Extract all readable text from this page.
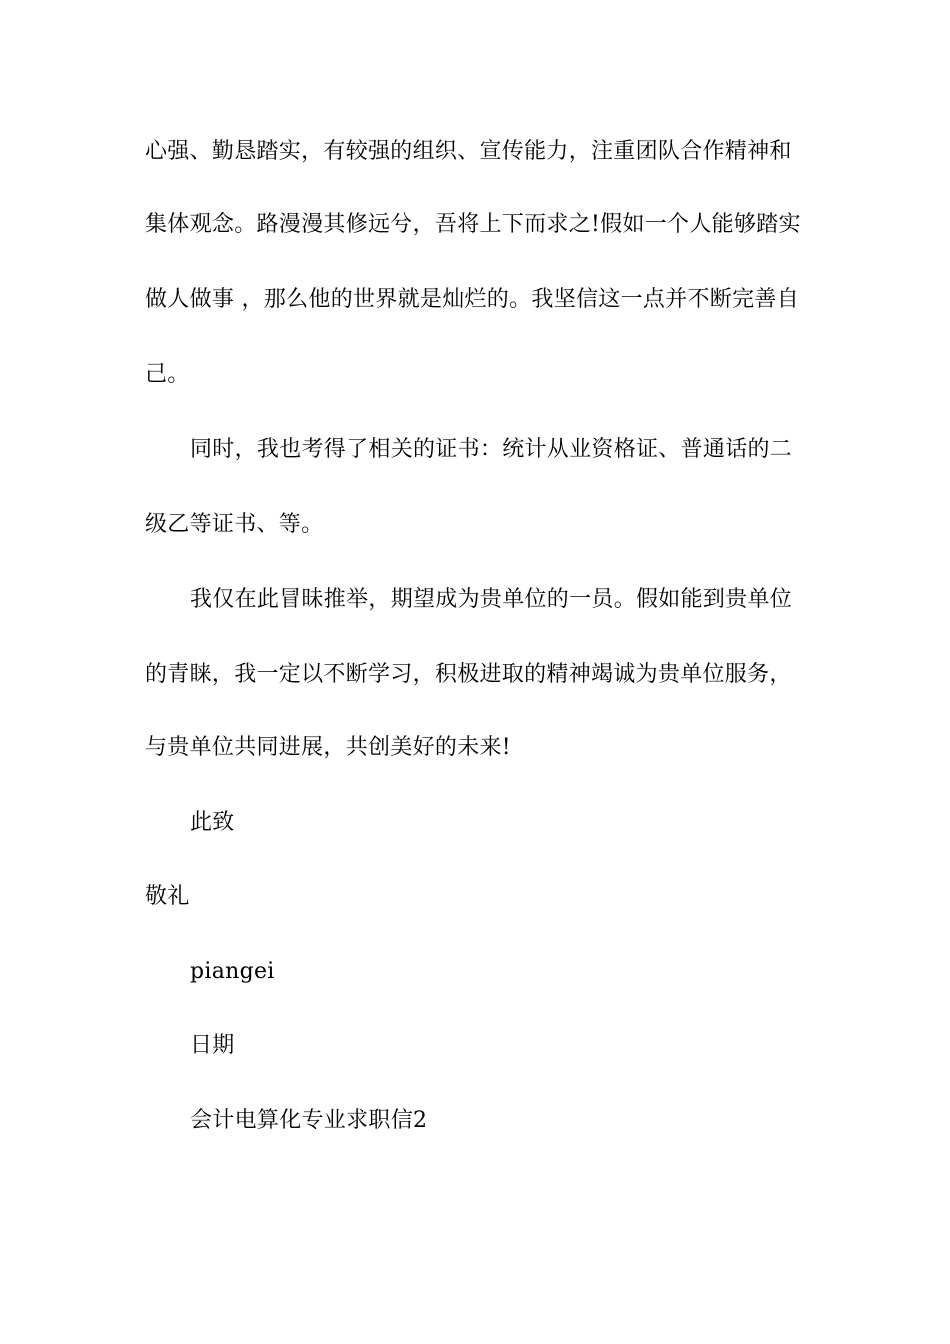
心强、勤恳踏实，有较强的组织、宣传能力，注重团队合作精神和
集体观念。路漫漫其修远兮，吾将上下而求之!假如一个人能够踏实
做人做事 ，那么他的世界就是灿烂的。我坚信这一点并不断完善自
己。
同时，我也考得了相关的证书：统计从业资格证、普通话的二
级乙等证书、等。
我仅在此冒昧推举，期望成为贵单位的一员。假如能到贵单位
的青睐，我一定以不断学习，积极进取的精神竭诚为贵单位服务，
与贵单位共同进展，共创美好的未来!
此致
敬礼
piangei
日期
会计电算化专业求职信2
